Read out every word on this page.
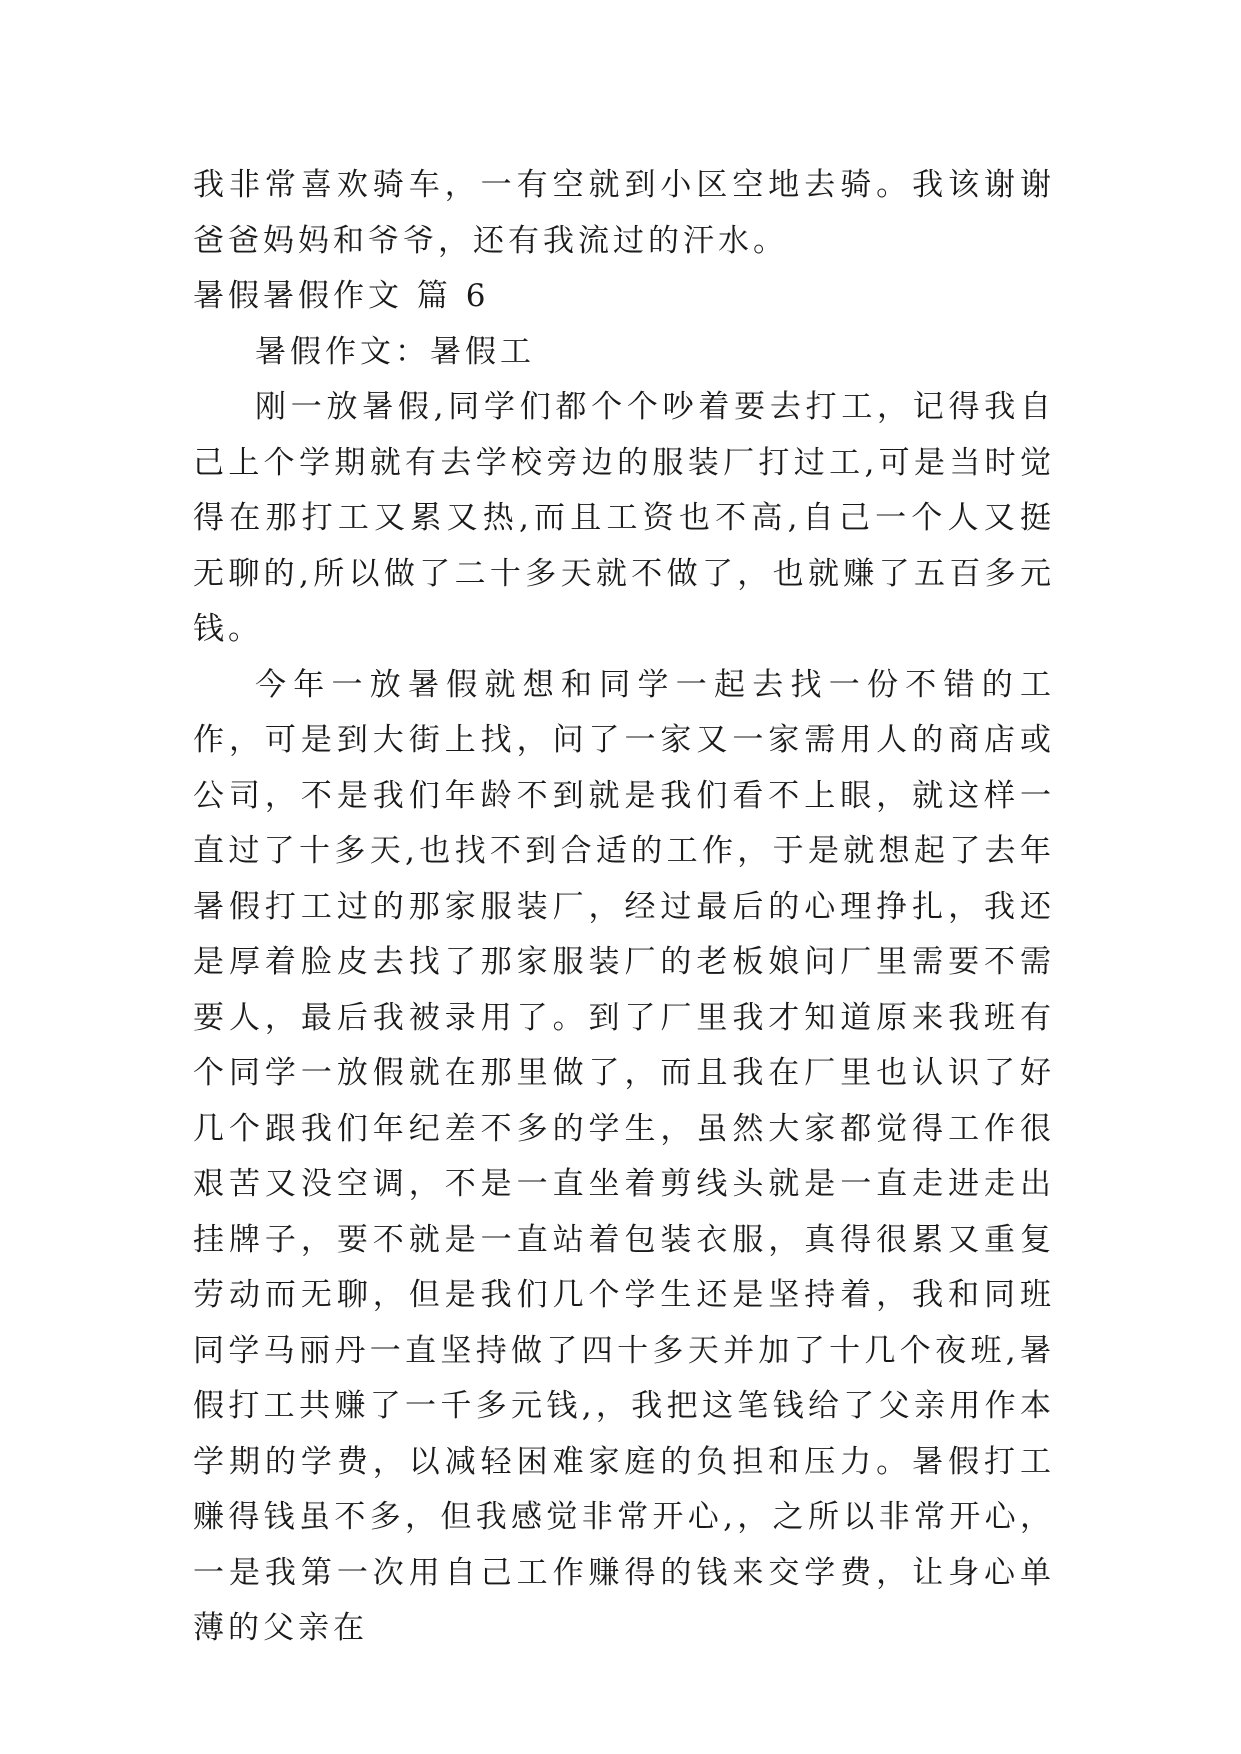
我非常喜欢骑车，一有空就到小区空地去骑。我该谢谢爸爸妈妈和爷爷，还有我流过的汗水。

暑假暑假作文 篇 6

暑假作文：暑假工

刚一放暑假,同学们都个个吵着要去打工，记得我自己上个学期就有去学校旁边的服装厂打过工,可是当时觉得在那打工又累又热,而且工资也不高,自己一个人又挺无聊的,所以做了二十多天就不做了，也就赚了五百多元钱。

今年一放暑假就想和同学一起去找一份不错的工作，可是到大街上找，问了一家又一家需用人的商店或公司，不是我们年龄不到就是我们看不上眼，就这样一直过了十多天,也找不到合适的工作，于是就想起了去年暑假打工过的那家服装厂，经过最后的心理挣扎，我还是厚着脸皮去找了那家服装厂的老板娘问厂里需要不需要人，最后我被录用了。到了厂里我才知道原来我班有个同学一放假就在那里做了，而且我在厂里也认识了好几个跟我们年纪差不多的学生，虽然大家都觉得工作很艰苦又没空调，不是一直坐着剪线头就是一直走进走出挂牌子，要不就是一直站着包装衣服，真得很累又重复劳动而无聊，但是我们几个学生还是坚持着，我和同班同学马丽丹一直坚持做了四十多天并加了十几个夜班,暑假打工共赚了一千多元钱,，我把这笔钱给了父亲用作本学期的学费，以减轻困难家庭的负担和压力。暑假打工赚得钱虽不多，但我感觉非常开心,，之所以非常开心，一是我第一次用自己工作赚得的钱来交学费，让身心单薄的父亲在
